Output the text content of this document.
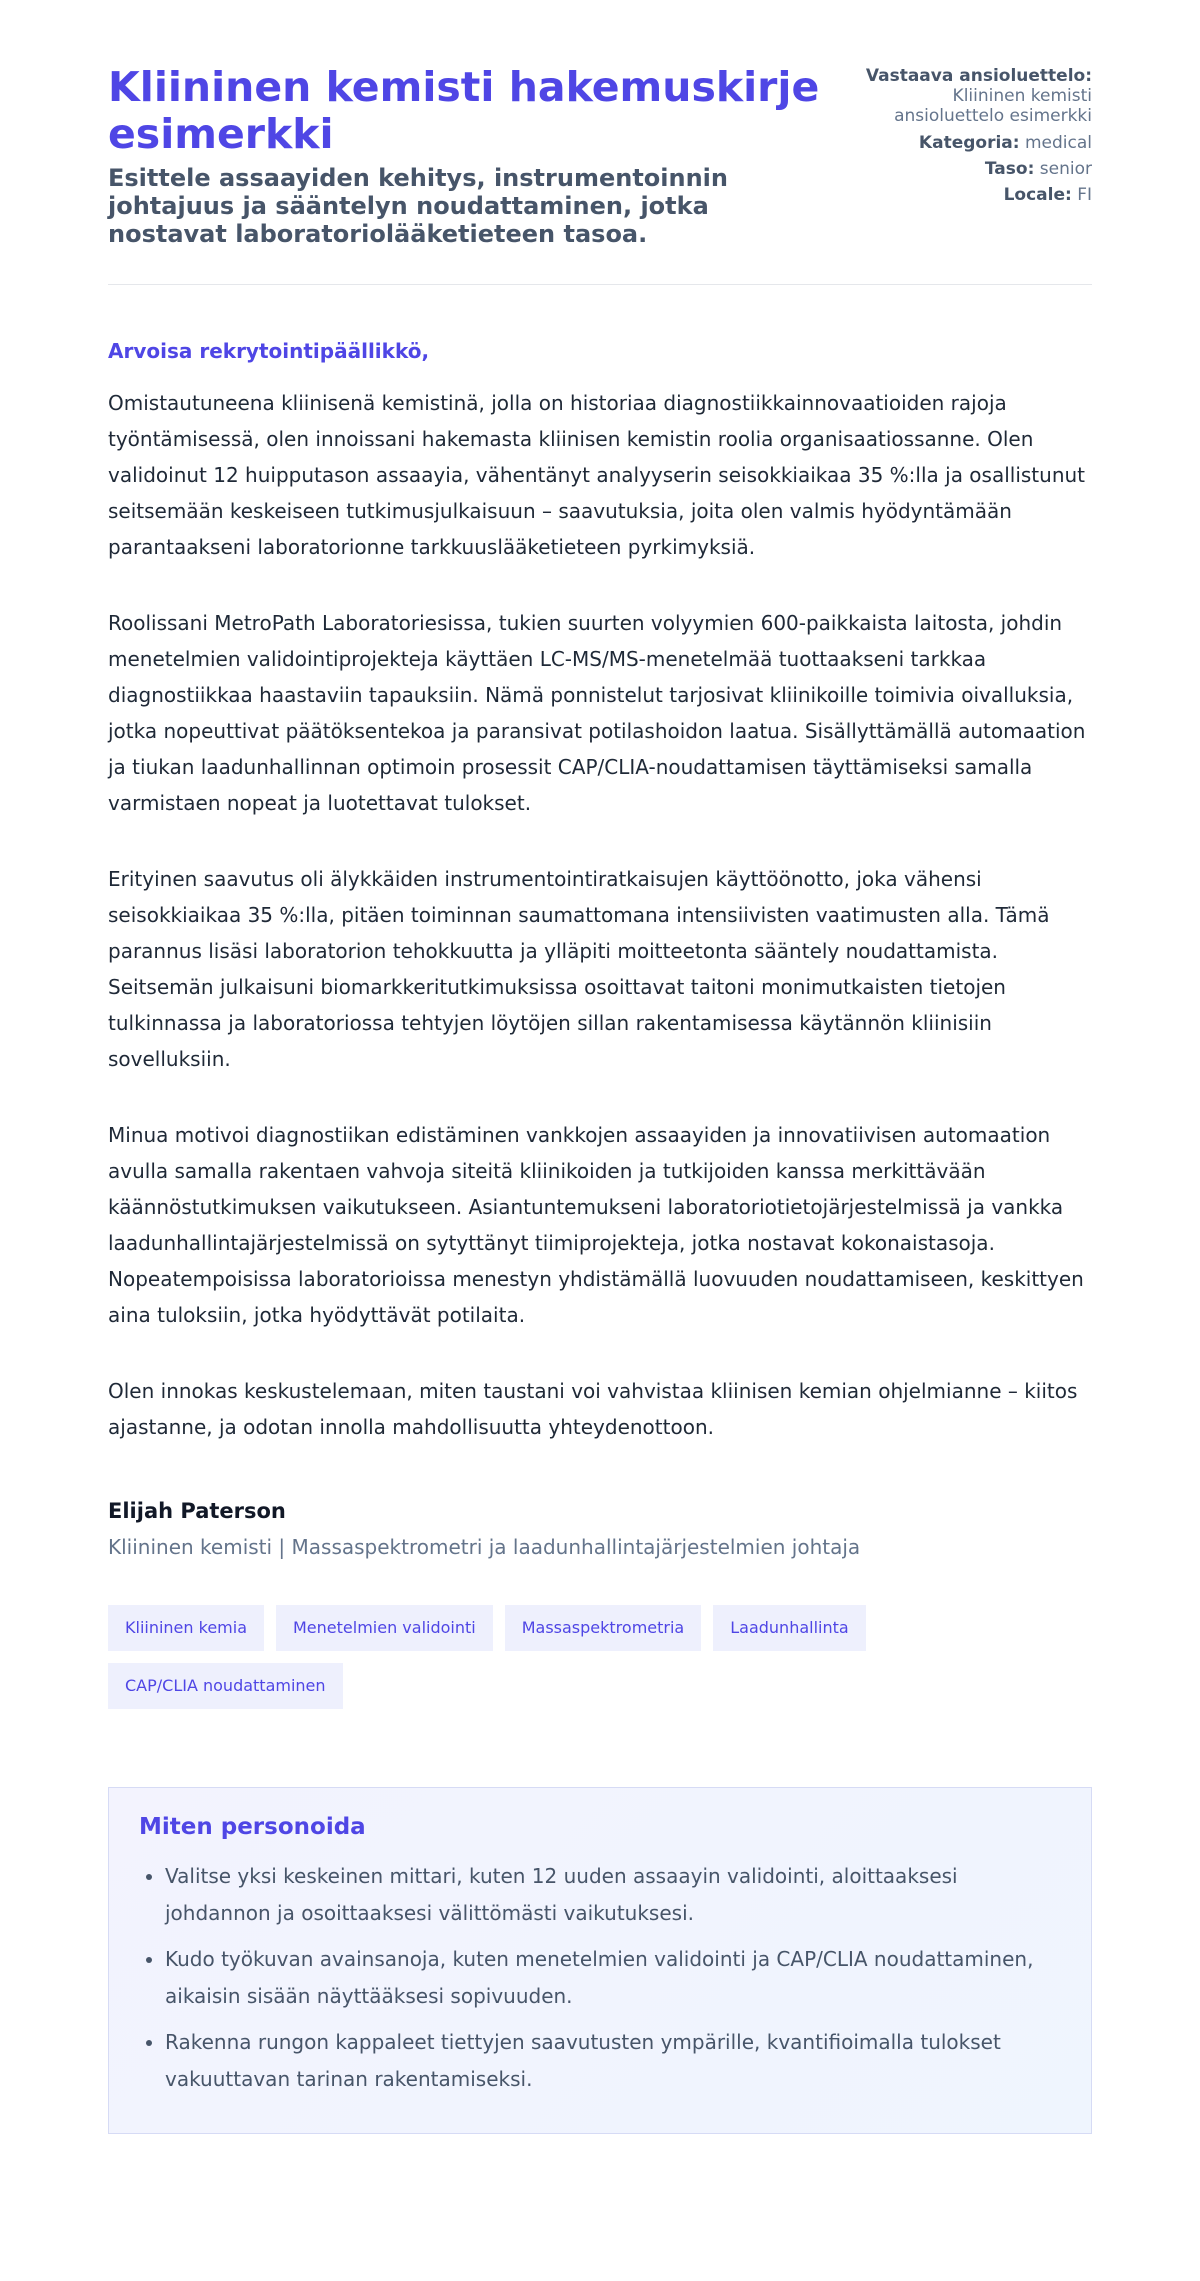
Kliininen kemisti hakemuskirje esimerkki
Esittele assaayiden kehitys, instrumentoinnin johtajuus ja sääntelyn noudattaminen, jotka nostavat laboratoriolääketieteen tasoa.

Vastaava ansioluettelo: Kliininen kemisti ansioluettelo esimerkki

Kategoria: medical

Taso: senior

Locale: FI

Arvoisa rekrytointipäällikkö,

Omistautuneena kliinisenä kemistinä, jolla on historiaa diagnostiikkainnovaatioiden rajoja työntämisessä, olen innoissani hakemasta kliinisen kemistin roolia organisaatiossanne. Olen validoinut 12 huipputason assaayia, vähentänyt analyyserin seisokkiaikaa 35 %:lla ja osallistunut seitsemään keskeiseen tutkimusjulkaisuun – saavutuksia, joita olen valmis hyödyntämään parantaakseni laboratorionne tarkkuuslääketieteen pyrkimyksiä.

Roolissani MetroPath Laboratoriesissa, tukien suurten volyymien 600-paikkaista laitosta, johdin menetelmien validointiprojekteja käyttäen LC-MS/MS-menetelmää tuottaakseni tarkkaa diagnostiikkaa haastaviin tapauksiin. Nämä ponnistelut tarjosivat kliinikoille toimivia oivalluksia, jotka nopeuttivat päätöksentekoa ja paransivat potilashoidon laatua. Sisällyttämällä automaation ja tiukan laadunhallinnan optimoin prosessit CAP/CLIA-noudattamisen täyttämiseksi samalla varmistaen nopeat ja luotettavat tulokset.

Erityinen saavutus oli älykkäiden instrumentointiratkaisujen käyttöönotto, joka vähensi seisokkiaikaa 35 %:lla, pitäen toiminnan saumattomana intensiivisten vaatimusten alla. Tämä parannus lisäsi laboratorion tehokkuutta ja ylläpiti moitteetonta sääntely noudattamista. Seitsemän julkaisuni biomarkkeritutkimuksissa osoittavat taitoni monimutkaisten tietojen tulkinnassa ja laboratoriossa tehtyjen löytöjen sillan rakentamisessa käytännön kliinisiin sovelluksiin.

Minua motivoi diagnostiikan edistäminen vankkojen assaayiden ja innovatiivisen automaation avulla samalla rakentaen vahvoja siteitä kliinikoiden ja tutkijoiden kanssa merkittävään käännöstutkimuksen vaikutukseen. Asiantuntemukseni laboratoriotietojärjestelmissä ja vankka laadunhallintajärjestelmissä on sytyttänyt tiimiprojekteja, jotka nostavat kokonaistasoja. Nopeatempoisissa laboratorioissa menestyn yhdistämällä luovuuden noudattamiseen, keskittyen aina tuloksiin, jotka hyödyttävät potilaita.

Olen innokas keskustelemaan, miten taustani voi vahvistaa kliinisen kemian ohjelmianne – kiitos ajastanne, ja odotan innolla mahdollisuutta yhteydenottoon.

Elijah Paterson
Kliininen kemisti | Massaspektrometri ja laadunhallintajärjestelmien johtaja
Kliininen kemia	Menetelmien validointi	Massaspektrometria	Laadunhallinta
CAP/CLIA noudattaminen
Miten personoida
• Valitse yksi keskeinen mittari, kuten 12 uuden assaayin validointi, aloittaaksesi johdannon ja osoittaaksesi välittömästi vaikutuksesi.
• Kudo työkuvan avainsanoja, kuten menetelmien validointi ja CAP/CLIA noudattaminen, aikaisin sisään näyttääksesi sopivuuden.
• Rakenna rungon kappaleet tiettyjen saavutusten ympärille, kvantifioimalla tulokset vakuuttavan tarinan rakentamiseksi.
